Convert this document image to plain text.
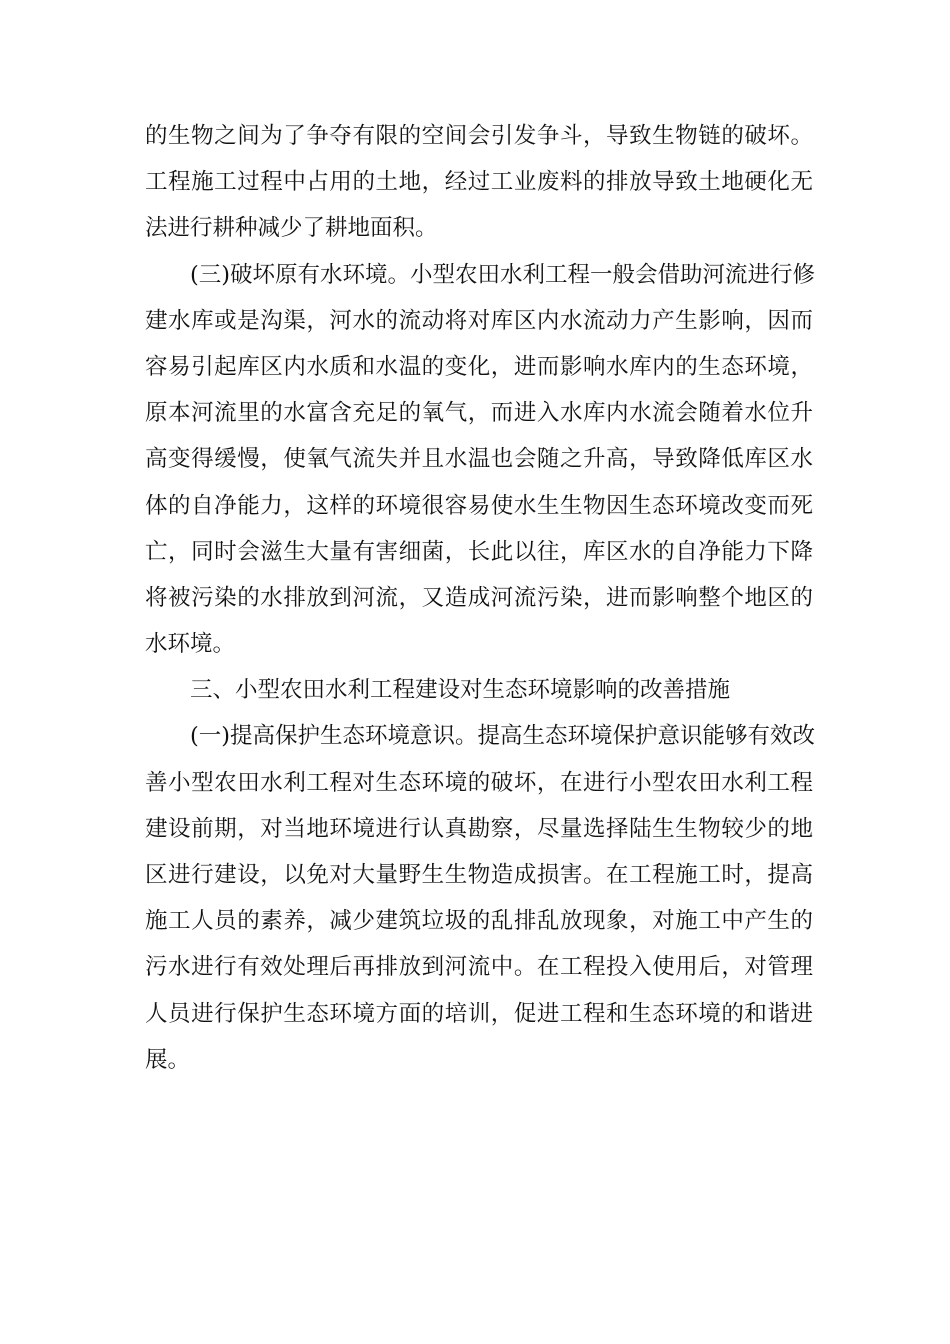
的生物之间为了争夺有限的空间会引发争斗，导致生物链的破坏。
工程施工过程中占用的土地，经过工业废料的排放导致土地硬化无
法进行耕种减少了耕地面积。
(三)破坏原有水环境。小型农田水利工程一般会借助河流进行修
建水库或是沟渠，河水的流动将对库区内水流动力产生影响，因而
容易引起库区内水质和水温的变化，进而影响水库内的生态环境，
原本河流里的水富含充足的氧气，而进入水库内水流会随着水位升
高变得缓慢，使氧气流失并且水温也会随之升高，导致降低库区水
体的自净能力，这样的环境很容易使水生生物因生态环境改变而死
亡，同时会滋生大量有害细菌，长此以往，库区水的自净能力下降
将被污染的水排放到河流，又造成河流污染，进而影响整个地区的
水环境。
三、小型农田水利工程建设对生态环境影响的改善措施
(一)提高保护生态环境意识。提高生态环境保护意识能够有效改
善小型农田水利工程对生态环境的破坏，在进行小型农田水利工程
建设前期，对当地环境进行认真勘察，尽量选择陆生生物较少的地
区进行建设，以免对大量野生生物造成损害。在工程施工时，提高
施工人员的素养，减少建筑垃圾的乱排乱放现象，对施工中产生的
污水进行有效处理后再排放到河流中。在工程投入使用后，对管理
人员进行保护生态环境方面的培训，促进工程和生态环境的和谐进
展。
